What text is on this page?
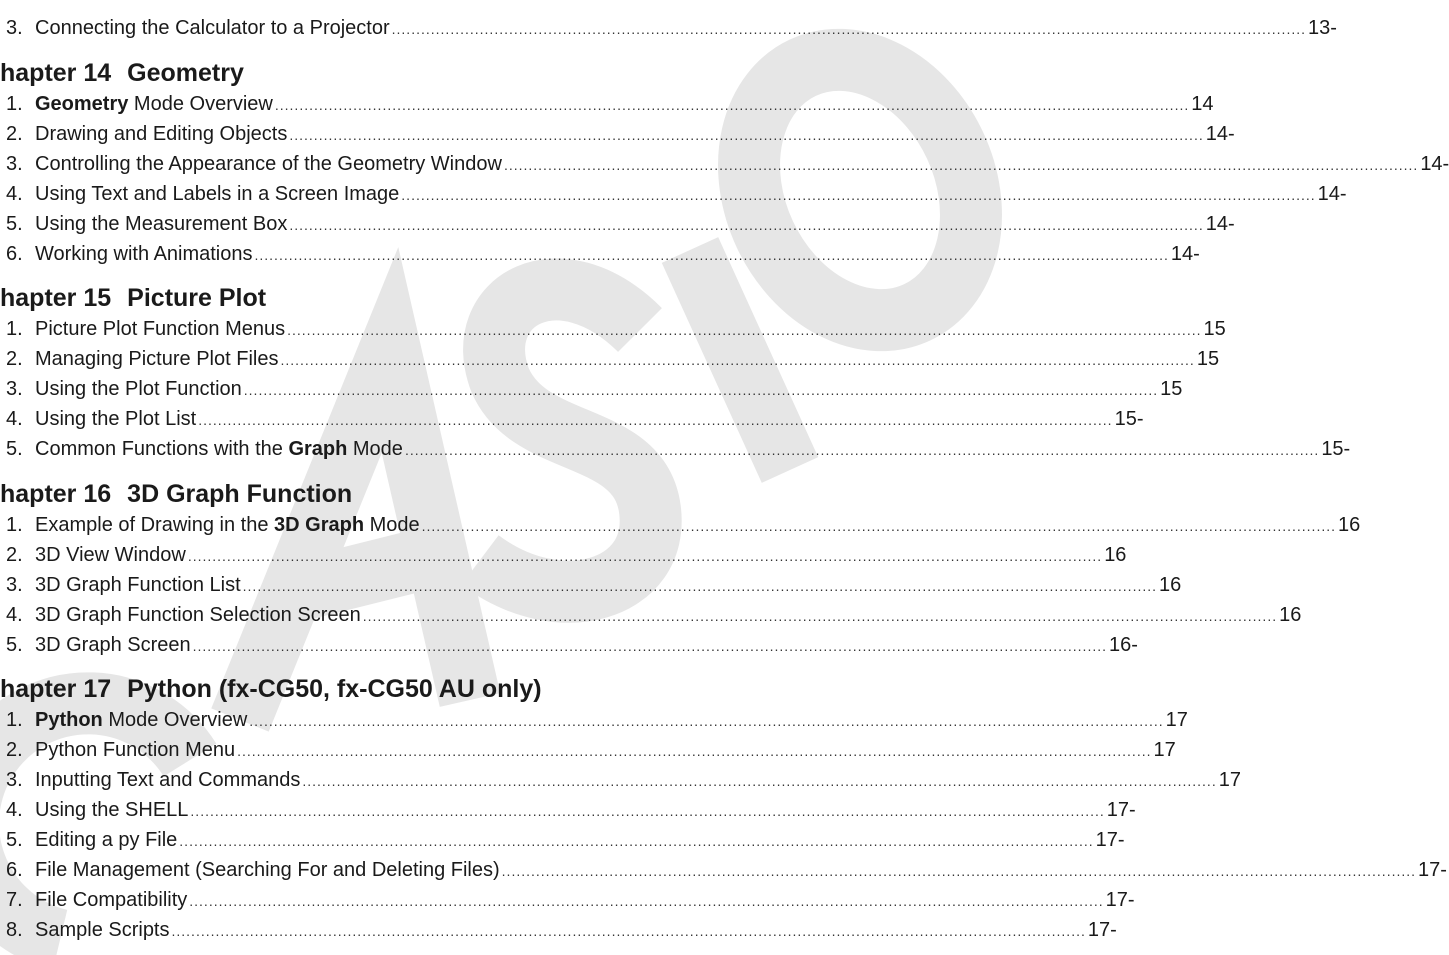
3. Connecting the Calculator to a Projector ........................................................................................................................................................................................... 13-
hapter 14 Geometry
1. Geometry Mode Overview ........................................................................................................................................................................................... 14
2. Drawing and Editing Objects ........................................................................................................................................................................................... 14-
3. Controlling the Appearance of the Geometry Window ........................................................................................................................................................................................... 14-
4. Using Text and Labels in a Screen Image ........................................................................................................................................................................................... 14-
5. Using the Measurement Box ........................................................................................................................................................................................... 14-
6. Working with Animations ........................................................................................................................................................................................... 14-
hapter 15 Picture Plot
1. Picture Plot Function Menus ........................................................................................................................................................................................... 15
2. Managing Picture Plot Files ........................................................................................................................................................................................... 15
3. Using the Plot Function ........................................................................................................................................................................................... 15
4. Using the Plot List ........................................................................................................................................................................................... 15-
5. Common Functions with the Graph Mode ........................................................................................................................................................................................... 15-
hapter 16 3D Graph Function
1. Example of Drawing in the 3D Graph Mode ........................................................................................................................................................................................... 16
2. 3D View Window ........................................................................................................................................................................................... 16
3. 3D Graph Function List ........................................................................................................................................................................................... 16
4. 3D Graph Function Selection Screen ........................................................................................................................................................................................... 16
5. 3D Graph Screen ........................................................................................................................................................................................... 16-
hapter 17 Python (fx-CG50, fx-CG50 AU only)
1. Python Mode Overview ........................................................................................................................................................................................... 17
2. Python Function Menu ........................................................................................................................................................................................... 17
3. Inputting Text and Commands ........................................................................................................................................................................................... 17
4. Using the SHELL ........................................................................................................................................................................................... 17-
5. Editing a py File ........................................................................................................................................................................................... 17-
6. File Management (Searching For and Deleting Files) ........................................................................................................................................................................................... 17-
7. File Compatibility ........................................................................................................................................................................................... 17-
8. Sample Scripts ........................................................................................................................................................................................... 17-
